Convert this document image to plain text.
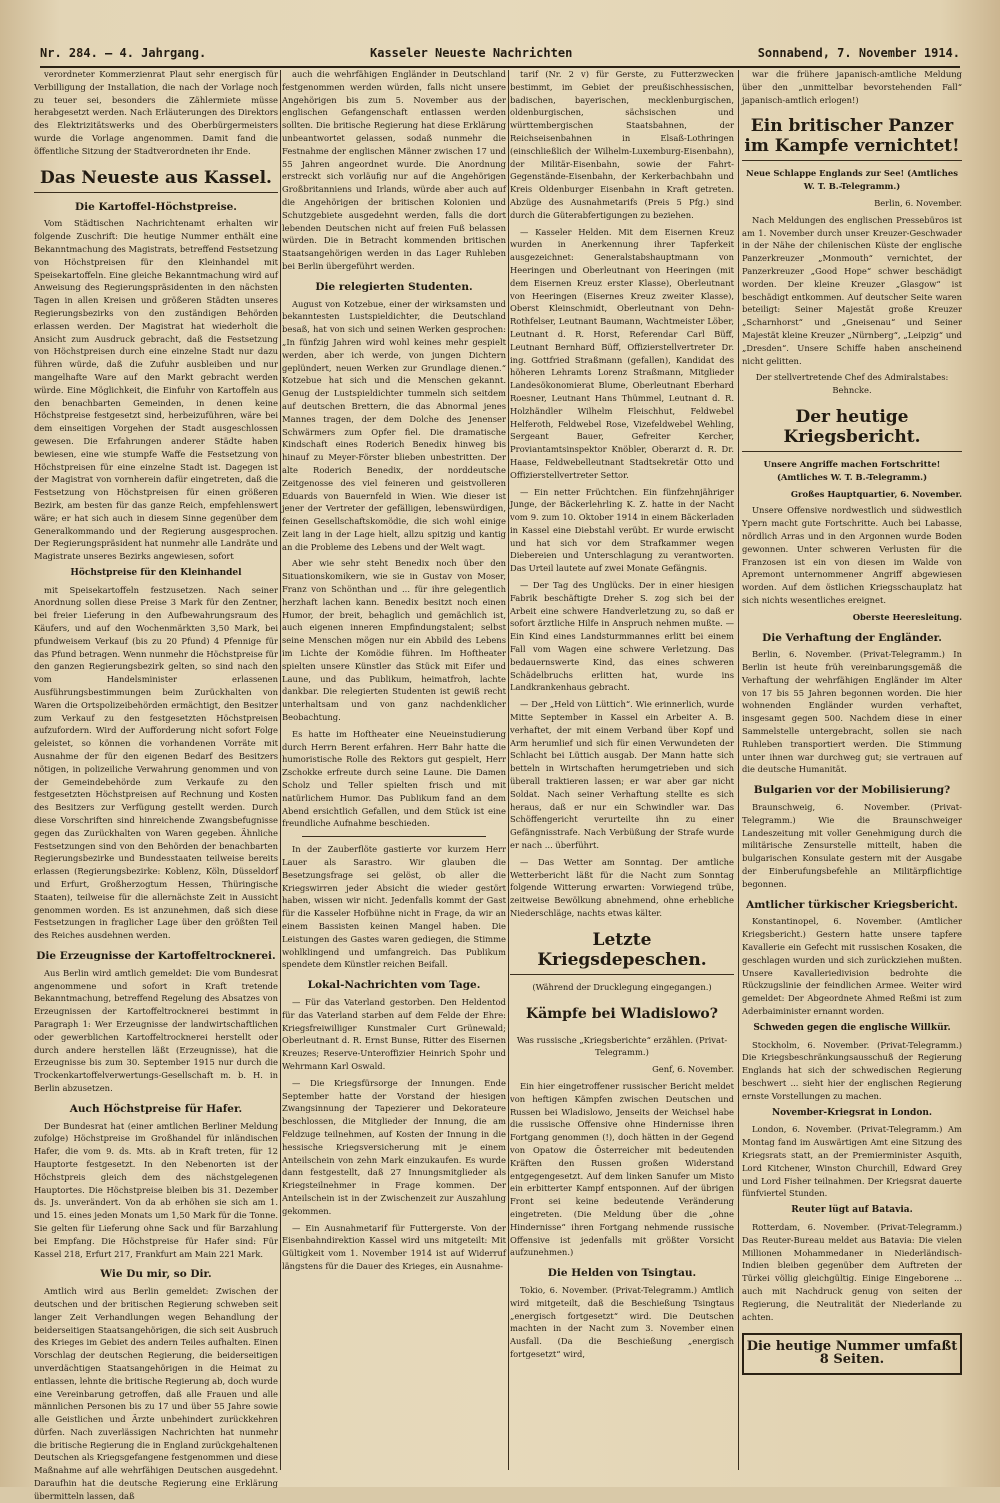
Nr. 284. — 4. Jahrgang.	Kasseler Neueste Nachrichten	Sonnabend, 7. November 1914.

verordneter Kommerzienrat Plaut sehr energisch für Verbilligung der Installation, die nach der Vorlage noch zu teuer sei, besonders die Zählermiete müsse herabgesetzt werden. Nach Erläuterungen des Direktors des Elektrizitätswerks und des Oberbürgermeisters wurde die Vorlage angenommen. Damit fand die öffentliche Sitzung der Stadtverordneten ihr Ende.

Das Neueste aus Kassel.
Die Kartoffel-Höchstpreise.

Vom Städtischen Nachrichtenamt erhalten wir folgende Zuschrift: Die heutige Nummer enthält eine Bekanntmachung des Magistrats, betreffend Festsetzung von Höchstpreisen für den Kleinhandel mit Speisekartoffeln. Eine gleiche Bekanntmachung wird auf Anweisung des Regierungspräsidenten in den nächsten Tagen in allen Kreisen und größeren Städten unseres Regierungsbezirks von den zuständigen Behörden erlassen werden. Der Magistrat hat wiederholt die Ansicht zum Ausdruck gebracht, daß die Festsetzung von Höchstpreisen durch eine einzelne Stadt nur dazu führen würde, daß die Zufuhr ausbleiben und nur mangelhafte Ware auf den Markt gebracht werden würde. Eine Möglichkeit, die Einfuhr von Kartoffeln aus den benachbarten Gemeinden, in denen keine Höchstpreise festgesetzt sind, herbeizuführen, wäre bei dem einseitigen Vorgehen der Stadt ausgeschlossen gewesen. Die Erfahrungen anderer Städte haben bewiesen, eine wie stumpfe Waffe die Festsetzung von Höchstpreisen für eine einzelne Stadt ist. Dagegen ist der Magistrat von vornherein dafür eingetreten, daß die Festsetzung von Höchstpreisen für einen größeren Bezirk, am besten für das ganze Reich, empfehlenswert wäre; er hat sich auch in diesem Sinne gegenüber dem Generalkommando und der Regierung ausgesprochen. Der Regierungspräsident hat nunmehr alle Landräte und Magistrate unseres Bezirks angewiesen, sofort

Höchstpreise für den Kleinhandel

mit Speisekartoffeln festzusetzen. Nach seiner Anordnung sollen diese Preise 3 Mark für den Zentner, bei freier Lieferung in den Aufbewahrungsraum des Käufers, und auf den Wochenmärkten 3,50 Mark, bei pfundweisem Verkauf (bis zu 20 Pfund) 4 Pfennige für das Pfund betragen. Wenn nunmehr die Höchstpreise für den ganzen Regierungsbezirk gelten, so sind nach den vom Handelsminister erlassenen Ausführungsbestimmungen beim Zurückhalten von Waren die Ortspolizeibehörden ermächtigt, den Besitzer zum Verkauf zu den festgesetzten Höchstpreisen aufzufordern. Wird der Aufforderung nicht sofort Folge geleistet, so können die vorhandenen Vorräte mit Ausnahme der für den eigenen Bedarf des Besitzers nötigen, in polizeiliche Verwahrung genommen und von der Gemeindebehörde zum Verkaufe zu den festgesetzten Höchstpreisen auf Rechnung und Kosten des Besitzers zur Verfügung gestellt werden. Durch diese Vorschriften sind hinreichende Zwangsbefugnisse gegen das Zurückhalten von Waren gegeben. Ähnliche Festsetzungen sind von den Behörden der benachbarten Regierungsbezirke und Bundesstaaten teilweise bereits erlassen (Regierungsbezirke: Koblenz, Köln, Düsseldorf und Erfurt, Großherzogtum Hessen, Thüringische Staaten), teilweise für die allernächste Zeit in Aussicht genommen worden. Es ist anzunehmen, daß sich diese Festsetzungen in fraglicher Lage über den größten Teil des Reiches ausdehnen werden.

Die Erzeugnisse der Kartoffeltrocknerei.

Aus Berlin wird amtlich gemeldet: Die vom Bundesrat angenommene und sofort in Kraft tretende Bekanntmachung, betreffend Regelung des Absatzes von Erzeugnissen der Kartoffeltrocknerei bestimmt in Paragraph 1: Wer Erzeugnisse der landwirtschaftlichen oder gewerblichen Kartoffeltrocknerei herstellt oder durch andere herstellen läßt (Erzeugnisse), hat die Erzeugnisse bis zum 30. September 1915 nur durch die Trockenkartoffelverwertungs-Gesellschaft m. b. H. in Berlin abzusetzen.

Auch Höchstpreise für Hafer.

Der Bundesrat hat (einer amtlichen Berliner Meldung zufolge) Höchstpreise im Großhandel für inländischen Hafer, die vom 9. ds. Mts. ab in Kraft treten, für 12 Hauptorte festgesetzt. In den Nebenorten ist der Höchstpreis gleich dem des nächstgelegenen Hauptortes. Die Höchstpreise bleiben bis 31. Dezember ds. Js. unverändert. Von da ab erhöhen sie sich am 1. und 15. eines jeden Monats um 1,50 Mark für die Tonne. Sie gelten für Lieferung ohne Sack und für Barzahlung bei Empfang. Die Höchstpreise für Hafer sind: Für Kassel 218, Erfurt 217, Frankfurt am Main 221 Mark.

Wie Du mir, so Dir.

Amtlich wird aus Berlin gemeldet: Zwischen der deutschen und der britischen Regierung schweben seit langer Zeit Verhandlungen wegen Behandlung der beiderseitigen Staatsangehörigen, die sich seit Ausbruch des Krieges im Gebiet des andern Teiles aufhalten. Einen Vorschlag der deutschen Regierung, die beiderseitigen unverdächtigen Staatsangehörigen in die Heimat zu entlassen, lehnte die britische Regierung ab, doch wurde eine Vereinbarung getroffen, daß alle Frauen und alle männlichen Personen bis zu 17 und über 55 Jahre sowie alle Geistlichen und Ärzte unbehindert zurückkehren dürfen. Nach zuverlässigen Nachrichten hat nunmehr die britische Regierung die in England zurückgehaltenen Deutschen als Kriegsgefangene festgenommen und diese Maßnahme auf alle wehrfähigen Deutschen ausgedehnt. Daraufhin hat die deutsche Regierung eine Erklärung übermitteln lassen, daß

auch die wehrfähigen Engländer in Deutschland festgenommen werden würden, falls nicht unsere Angehörigen bis zum 5. November aus der englischen Gefangenschaft entlassen werden sollten. Die britische Regierung hat diese Erklärung unbeantwortet gelassen, sodaß nunmehr die Festnahme der englischen Männer zwischen 17 und 55 Jahren angeordnet wurde. Die Anordnung erstreckt sich vorläufig nur auf die Angehörigen Großbritanniens und Irlands, würde aber auch auf die Angehörigen der britischen Kolonien und Schutzgebiete ausgedehnt werden, falls die dort lebenden Deutschen nicht auf freien Fuß belassen würden. Die in Betracht kommenden britischen Staatsangehörigen werden in das Lager Ruhleben bei Berlin übergeführt werden.

Die relegierten Studenten.

August von Kotzebue, einer der wirksamsten und bekanntesten Lustspieldichter, die Deutschland besaß, hat von sich und seinen Werken gesprochen: „In fünfzig Jahren wird wohl keines mehr gespielt werden, aber ich werde, von jungen Dichtern geplündert, neuen Werken zur Grundlage dienen.“ Kotzebue hat sich und die Menschen gekannt. Genug der Lustspieldichter tummeln sich seitdem auf deutschen Brettern, die das Abnormal jenes Mannes tragen, der dem Dolche des Jenenser Schwärmers zum Opfer fiel. Die dramatische Kindschaft eines Roderich Benedix hinweg bis hinauf zu Meyer-Förster blieben unbestritten. Der alte Roderich Benedix, der norddeutsche Zeitgenosse des viel feineren und geistvolleren Eduards von Bauernfeld in Wien. Wie dieser ist jener der Vertreter der gefälligen, lebenswürdigen, feinen Gesellschaftskomödie, die sich wohl einige Zeit lang in der Lage hielt, allzu spitzig und kantig an die Probleme des Lebens und der Welt wagt.

Aber wie sehr steht Benedix noch über den Situationskomikern, wie sie in Gustav von Moser, Franz von Schönthan und ... für ihre gelegentlich herzhaft lachen kann. Benedix besitzt noch einen Humor, der breit, behaglich und gemächlich ist, auch eigenen inneren Empfindungstalent; selbst seine Menschen mögen nur ein Abbild des Lebens im Lichte der Komödie führen. Im Hoftheater spielten unsere Künstler das Stück mit Eifer und Laune, und das Publikum, heimatfroh, lachte dankbar. Die relegierten Studenten ist gewiß recht unterhaltsam und von ganz nachdenklicher Beobachtung.

Es hatte im Hoftheater eine Neueinstudierung durch Herrn Berent erfahren. Herr Bahr hatte die humoristische Rolle des Rektors gut gespielt, Herr Zschokke erfreute durch seine Laune. Die Damen Scholz und Teller spielten frisch und mit natürlichem Humor. Das Publikum fand an dem Abend ersichtlich Gefallen, und dem Stück ist eine freundliche Aufnahme beschieden.

In der Zauberflöte gastierte vor kurzem Herr Lauer als Sarastro. Wir glauben die Besetzungsfrage sei gelöst, ob aller die Kriegswirren jeder Absicht die wieder gestört haben, wissen wir nicht. Jedenfalls kommt der Gast für die Kasseler Hofbühne nicht in Frage, da wir an einem Bassisten keinen Mangel haben. Die Leistungen des Gastes waren gediegen, die Stimme wohlklingend und umfangreich. Das Publikum spendete dem Künstler reichen Beifall.

Lokal-Nachrichten vom Tage.

— Für das Vaterland gestorben. Den Heldentod für das Vaterland starben auf dem Felde der Ehre: Kriegsfreiwilliger Kunstmaler Curt Grünewald; Oberleutnant d. R. Ernst Bunse, Ritter des Eisernen Kreuzes; Reserve-Unteroffizier Heinrich Spohr und Wehrmann Karl Oswald.

— Die Kriegsfürsorge der Innungen. Ende September hatte der Vorstand der hiesigen Zwangsinnung der Tapezierer und Dekorateure beschlossen, die Mitglieder der Innung, die am Feldzuge teilnehmen, auf Kosten der Innung in die hessische Kriegsversicherung mit je einem Anteilschein von zehn Mark einzukaufen. Es wurde dann festgestellt, daß 27 Innungsmitglieder als Kriegsteilnehmer in Frage kommen. Der Anteilschein ist in der Zwischenzeit zur Auszahlung gekommen.

— Ein Ausnahmetarif für Futtergerste. Von der Eisenbahndirektion Kassel wird uns mitgeteilt: Mit Gültigkeit vom 1. November 1914 ist auf Widerruf längstens für die Dauer des Krieges, ein Ausnahme-

tarif (Nr. 2 v) für Gerste, zu Futterzwecken bestimmt, im Gebiet der preußischhessischen, badischen, bayerischen, mecklenburgischen, oldenburgischen, sächsischen und württembergischen Staatsbahnen, der Reichseisenbahnen in Elsaß-Lothringen (einschließlich der Wilhelm-Luxemburg-Eisenbahn), der Militär-Eisenbahn, sowie der Fahrt-Gegenstände-Eisenbahn, der Kerkerbachbahn und Kreis Oldenburger Eisenbahn in Kraft getreten. Abzüge des Ausnahmetarifs (Preis 5 Pfg.) sind durch die Güterabfertigungen zu beziehen.

— Kasseler Helden. Mit dem Eisernen Kreuz wurden in Anerkennung ihrer Tapferkeit ausgezeichnet: Generalstabshauptmann von Heeringen und Oberleutnant von Heeringen (mit dem Eisernen Kreuz erster Klasse), Oberleutnant von Heeringen (Eisernes Kreuz zweiter Klasse), Oberst Kleinschmidt, Oberleutnant von Dehn-Rothfelser, Leutnant Baumann, Wachtmeister Löber, Leutnant d. R. Horst, Referendar Carl Büff, Leutnant Bernhard Büff, Offizierstellvertreter Dr. ing. Gottfried Straßmann (gefallen), Kandidat des höheren Lehramts Lorenz Straßmann, Mitglieder Landesökonomierat Blume, Oberleutnant Eberhard Roesner, Leutnant Hans Thümmel, Leutnant d. R. Holzhändler Wilhelm Fleischhut, Feldwebel Helferoth, Feldwebel Rose, Vizefeldwebel Wehling, Sergeant Bauer, Gefreiter Kercher, Proviantamtsinspektor Knöbler, Oberarzt d. R. Dr. Haase, Feldwebelleutnant Stadtsekretär Otto und Offizierstellvertreter Settor.

— Ein netter Früchtchen. Ein fünfzehnjähriger Junge, der Bäckerlehrling K. Z. hatte in der Nacht vom 9. zum 10. Oktober 1914 in einem Bäckerladen in Kassel eine Diebstahl verübt. Er wurde erwischt und hat sich vor dem Strafkammer wegen Diebereien und Unterschlagung zu verantworten. Das Urteil lautete auf zwei Monate Gefängnis.

— Der Tag des Unglücks. Der in einer hiesigen Fabrik beschäftigte Dreher S. zog sich bei der Arbeit eine schwere Handverletzung zu, so daß er sofort ärztliche Hilfe in Anspruch nehmen mußte. — Ein Kind eines Landsturmmannes erlitt bei einem Fall vom Wagen eine schwere Verletzung. Das bedauernswerte Kind, das eines schweren Schädelbruchs erlitten hat, wurde ins Landkrankenhaus gebracht.

— Der „Held von Lüttich“. Wie erinnerlich, wurde Mitte September in Kassel ein Arbeiter A. B. verhaftet, der mit einem Verband über Kopf und Arm herumlief und sich für einen Verwundeten der Schlacht bei Lüttich ausgab. Der Mann hatte sich betteln in Wirtschaften herumgetrieben und sich überall traktieren lassen; er war aber gar nicht Soldat. Nach seiner Verhaftung stellte es sich heraus, daß er nur ein Schwindler war. Das Schöffengericht verurteilte ihn zu einer Gefängnisstrafe. Nach Verbüßung der Strafe wurde er nach ... überführt.

— Das Wetter am Sonntag. Der amtliche Wetterbericht läßt für die Nacht zum Sonntag folgende Witterung erwarten: Vorwiegend trübe, zeitweise Bewölkung abnehmend, ohne erhebliche Niederschläge, nachts etwas kälter.

Letzte Kriegsdepeschen.

(Während der Drucklegung eingegangen.)

Kämpfe bei Wladislowo?

Was russische „Kriegsberichte“ erzählen. (Privat-Telegramm.)

Genf, 6. November.

Ein hier eingetroffener russischer Bericht meldet von heftigen Kämpfen zwischen Deutschen und Russen bei Wladislowo, Jenseits der Weichsel habe die russische Offensive ohne Hindernisse ihren Fortgang genommen (!), doch hätten in der Gegend von Opatow die Österreicher mit bedeutenden Kräften den Russen großen Widerstand entgegengesetzt. Auf dem linken Sanufer um Misto ein erbitterter Kampf entsponnen. Auf der übrigen Front sei keine bedeutende Veränderung eingetreten. (Die Meldung über die „ohne Hindernisse“ ihren Fortgang nehmende russische Offensive ist jedenfalls mit größter Vorsicht aufzunehmen.)

Die Helden von Tsingtau.

Tokio, 6. November. (Privat-Telegramm.) Amtlich wird mitgeteilt, daß die Beschießung Tsingtaus „energisch fortgesetzt“ wird. Die Deutschen machten in der Nacht zum 3. November einen Ausfall. (Da die Beschießung „energisch fortgesetzt“ wird,

war die frühere japanisch-amtliche Meldung über den „unmittelbar bevorstehenden Fall“ japanisch-amtlich erlogen!)

Ein britischer Panzer im Kampfe vernichtet!

Neue Schlappe Englands zur See! (Amtliches W. T. B.-Telegramm.)

Berlin, 6. November.

Nach Meldungen des englischen Pressebüros ist am 1. November durch unser Kreuzer-Geschwader in der Nähe der chilenischen Küste der englische Panzerkreuzer „Monmouth“ vernichtet, der Panzerkreuzer „Good Hope“ schwer beschädigt worden. Der kleine Kreuzer „Glasgow“ ist beschädigt entkommen. Auf deutscher Seite waren beteiligt: Seiner Majestät große Kreuzer „Scharnhorst“ und „Gneisenau“ und Seiner Majestät kleine Kreuzer „Nürnberg“, „Leipzig“ und „Dresden“. Unsere Schiffe haben anscheinend nicht gelitten.

Der stellvertretende Chef des Admiralstabes: Behncke.

Der heutige Kriegsbericht.

Unsere Angriffe machen Fortschritte! (Amtliches W. T. B.-Telegramm.)

Großes Hauptquartier, 6. November.

Unsere Offensive nordwestlich und südwestlich Ypern macht gute Fortschritte. Auch bei Labasse, nördlich Arras und in den Argonnen wurde Boden gewonnen. Unter schweren Verlusten für die Franzosen ist ein von diesen im Walde von Apremont unternommener Angriff abgewiesen worden. Auf dem östlichen Kriegsschauplatz hat sich nichts wesentliches ereignet.

Oberste Heeresleitung.

Die Verhaftung der Engländer.

Berlin, 6. November. (Privat-Telegramm.) In Berlin ist heute früh vereinbarungsgemäß die Verhaftung der wehrfähigen Engländer im Alter von 17 bis 55 Jahren begonnen worden. Die hier wohnenden Engländer wurden verhaftet, insgesamt gegen 500. Nachdem diese in einer Sammelstelle untergebracht, sollen sie nach Ruhleben transportiert werden. Die Stimmung unter ihnen war durchweg gut; sie vertrauen auf die deutsche Humanität.

Bulgarien vor der Mobilisierung?

Braunschweig, 6. November. (Privat-Telegramm.) Wie die Braunschweiger Landeszeitung mit voller Genehmigung durch die militärische Zensurstelle mitteilt, haben die bulgarischen Konsulate gestern mit der Ausgabe der Einberufungsbefehle an Militärpflichtige begonnen.

Amtlicher türkischer Kriegsbericht.

Konstantinopel, 6. November. (Amtlicher Kriegsbericht.) Gestern hatte unsere tapfere Kavallerie ein Gefecht mit russischen Kosaken, die geschlagen wurden und sich zurückziehen mußten. Unsere Kavalleriedivision bedrohte die Rückzugslinie der feindlichen Armee. Weiter wird gemeldet: Der Abgeordnete Ahmed Reßmi ist zum Aderbaiminister ernannt worden.

Schweden gegen die englische Willkür.

Stockholm, 6. November. (Privat-Telegramm.) Die Kriegsbeschränkungsausschuß der Regierung Englands hat sich der schwedischen Regierung beschwert ... sieht hier der englischen Regierung ernste Vorstellungen zu machen.

November-Kriegsrat in London.

London, 6. November. (Privat-Telegramm.) Am Montag fand im Auswärtigen Amt eine Sitzung des Kriegsrats statt, an der Premierminister Asquith, Lord Kitchener, Winston Churchill, Edward Grey und Lord Fisher teilnahmen. Der Kriegsrat dauerte fünfviertel Stunden.

Reuter lügt auf Batavia.

Rotterdam, 6. November. (Privat-Telegramm.) Das Reuter-Bureau meldet aus Batavia: Die vielen Millionen Mohammedaner in Niederländisch-Indien bleiben gegenüber dem Auftreten der Türkei völlig gleichgültig. Einige Eingeborene ... auch mit Nachdruck genug von seiten der Regierung, die Neutralität der Niederlande zu achten.

Die heutige Nummer umfaßt 8 Seiten.
